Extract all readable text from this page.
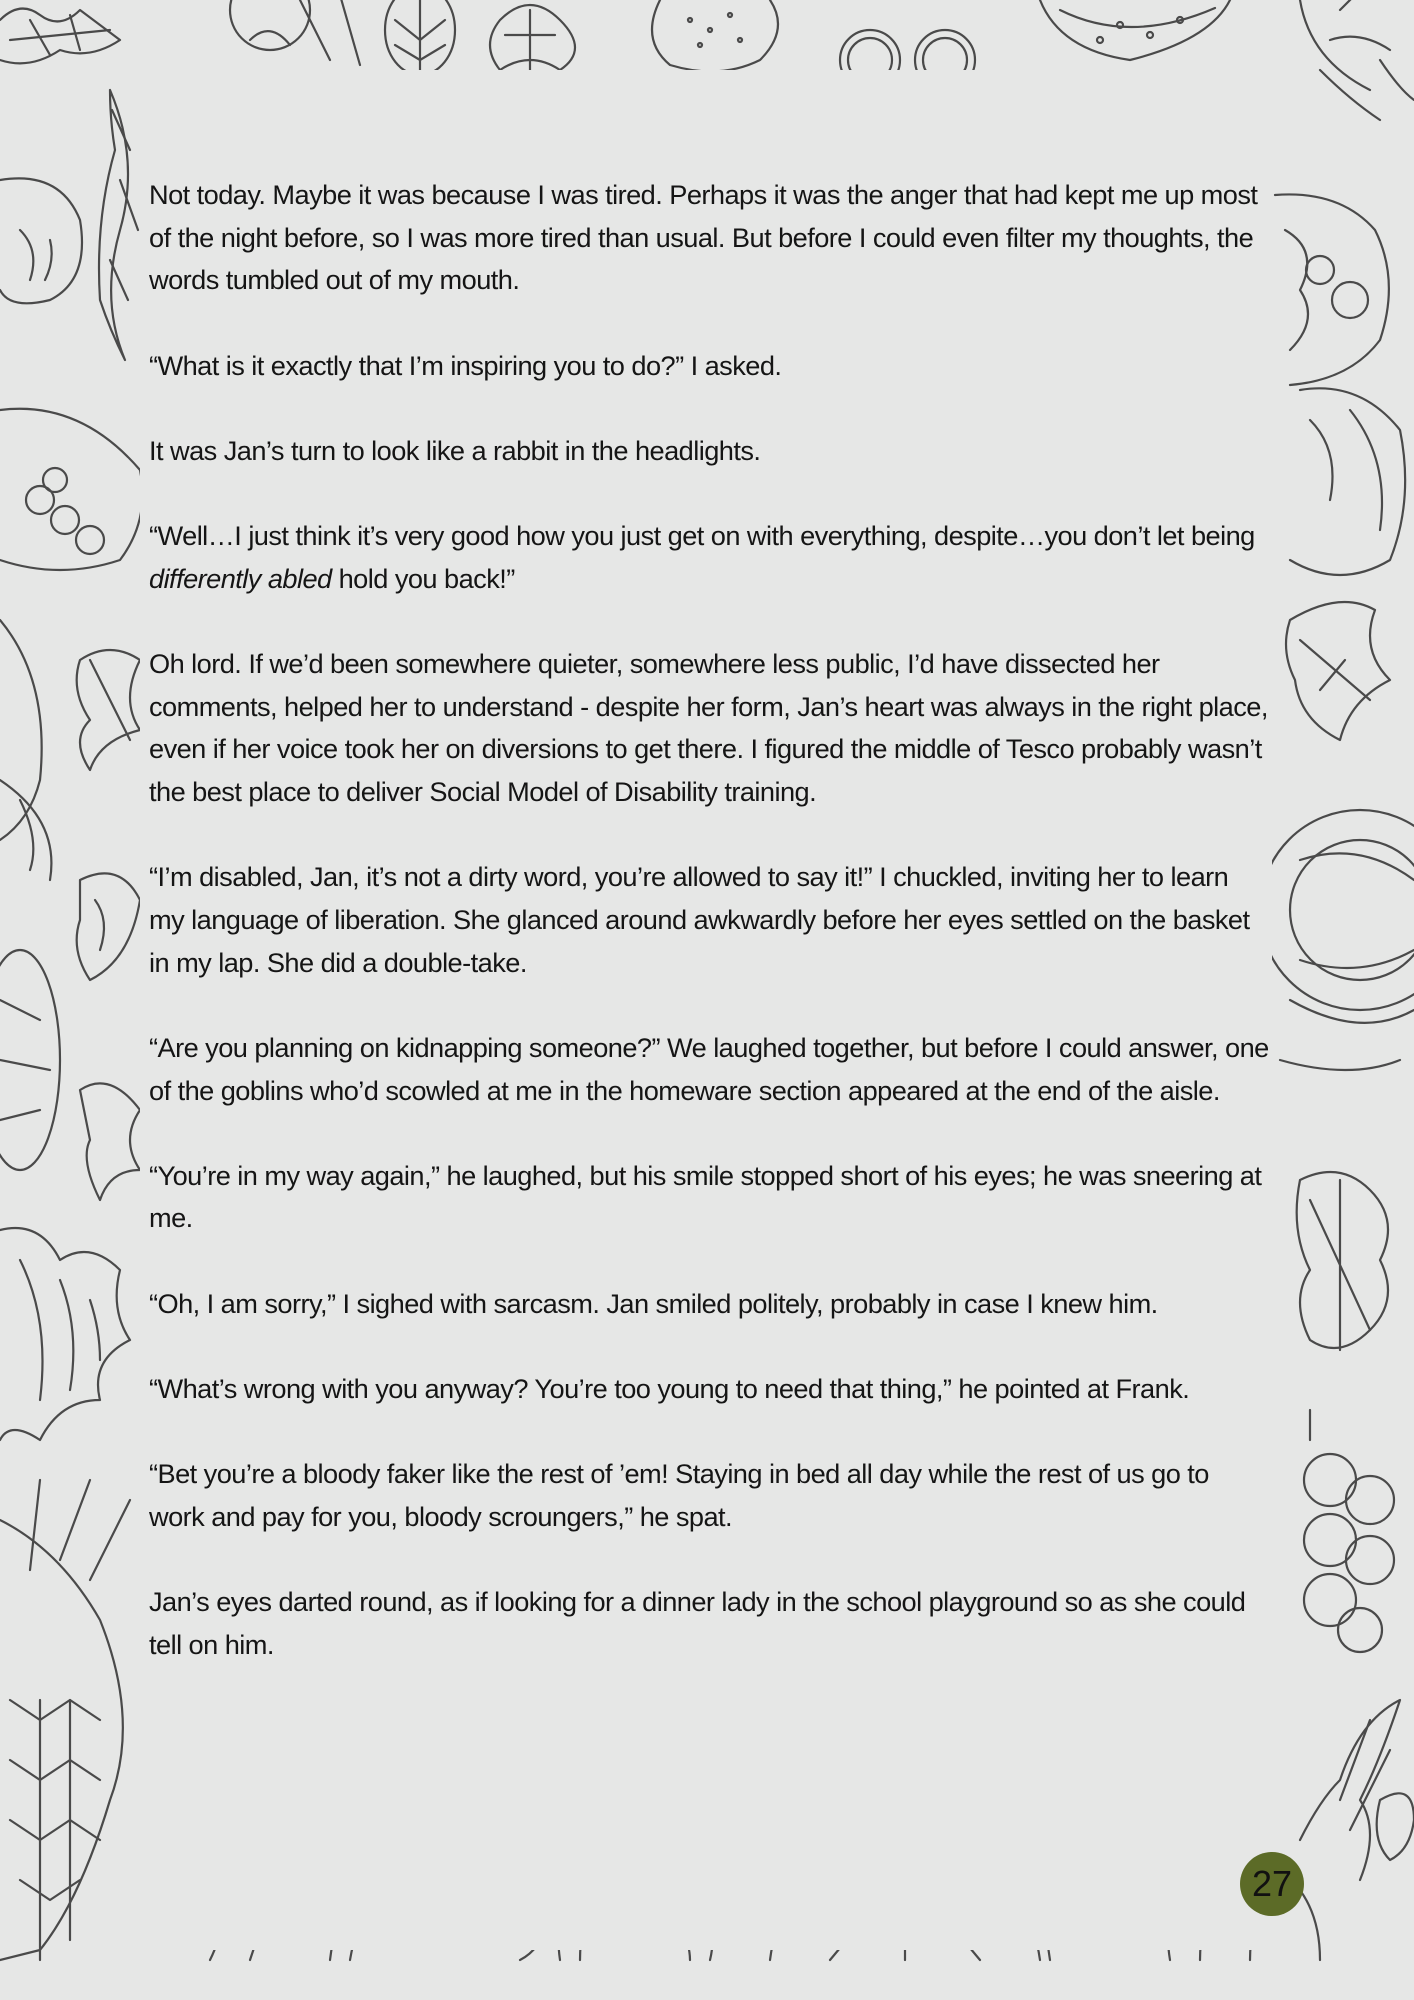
Not today. Maybe it was because I was tired. Perhaps it was the anger that had kept me up most of the night before, so I was more tired than usual. But before I could even filter my thoughts, the words tumbled out of my mouth.

“What is it exactly that I’m inspiring you to do?” I asked.

It was Jan’s turn to look like a rabbit in the headlights.

“Well…I just think it’s very good how you just get on with everything, despite…you don’t let being differently abled hold you back!”

Oh lord. If we’d been somewhere quieter, somewhere less public, I’d have dissected her comments, helped her to understand - despite her form, Jan’s heart was always in the right place, even if her voice took her on diversions to get there. I figured the middle of Tesco probably wasn’t the best place to deliver Social Model of Disability training.

“I’m disabled, Jan, it’s not a dirty word, you’re allowed to say it!” I chuckled, inviting her to learn my language of liberation. She glanced around awkwardly before her eyes settled on the basket in my lap. She did a double-take.

“Are you planning on kidnapping someone?” We laughed together, but before I could answer, one of the goblins who’d scowled at me in the homeware section appeared at the end of the aisle.

“You’re in my way again,” he laughed, but his smile stopped short of his eyes; he was sneering at me.

“Oh, I am sorry,” I sighed with sarcasm. Jan smiled politely, probably in case I knew him.

“What’s wrong with you anyway? You’re too young to need that thing,” he pointed at Frank.

“Bet you’re a bloody faker like the rest of ’em! Staying in bed all day while the rest of us go to work and pay for you, bloody scroungers,” he spat.

Jan’s eyes darted round, as if looking for a dinner lady in the school playground so as she could tell on him.

27
